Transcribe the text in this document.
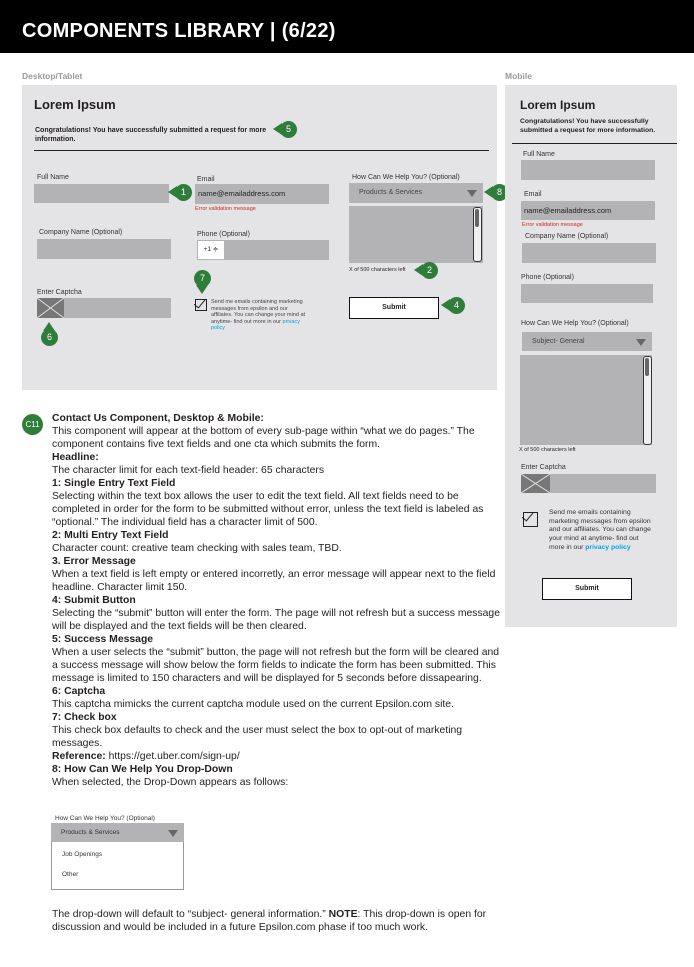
COMPONENTS LIBRARY | (6/22)
Desktop/Tablet	Mobile
Lorem Ipsum
Congratulations! You have successfully submitted a request for more information.
Full Name	Email
name@emailaddress.com
Error validation message
Company Name (Optional)	Phone (Optional)
+1 ≑
Enter Captcha
Send me emails containing marketing messages from epsilon and our affiliates. You can change your mind at anytime- find out more in our privacy policy
How Can We Help You? (Optional)
Products & Services
X of 500 characters left
Submit
1
2
4
5
6
7
8
Lorem Ipsum
Congratulations! You have successfully submitted a request for more information.
Full Name
Email
name@emailaddress.com
Error validation message
Company Name (Optional)
Phone (Optional)
How Can We Help You? (Optional)
Subject- General
X of 500 characters left
Enter Captcha
Send me emails containing marketing messages from epsilon and our affiliates. You can change your mind at anytime- find out more in our privacy policy
Submit
C11
Contact Us Component, Desktop & Mobile:
This component will appear at the bottom of every sub-page within “what we do pages.” The component contains five text fields and one cta which submits the form.
Headline:
The character limit for each text-field header: 65 characters
1: Single Entry Text Field
Selecting within the text box allows the user to edit the text field. All text fields need to be completed in order for the form to be submitted without error, unless the text field is labeled as “optional.” The individual field has a character limit of 500.
2: Multi Entry Text Field
Character count: creative team checking with sales team, TBD.
3. Error Message
When a text field is left empty or entered incorretly, an error message will appear next to the field headline. Character limit 150.
4: Submit Button
Selecting the “submit” button will enter the form. The page will not refresh but a success message will be displayed and the text fields will be then cleared.
5: Success Message
When a user selects the “submit” button, the page will not refresh but the form will be cleared and a success message will show below the form fields to indicate the form has been submitted. This message is limited to 150 characters and will be displayed for 5 seconds before dissapearing.
6: Captcha
This captcha mimicks the current captcha module used on the current Epsilon.com site.
7: Check box
This check box defaults to check and the user must select the box to opt-out of marketing messages.
Reference: https://get.uber.com/sign-up/
8: How Can We Help You Drop-Down
When selected, the Drop-Down appears as follows:
How Can We Help You? (Optional)
Products & Services
Job Openings
Other
The drop-down will default to “subject- general information.” NOTE: This drop-down is open for discussion and would be included in a future Epsilon.com phase if too much work.
